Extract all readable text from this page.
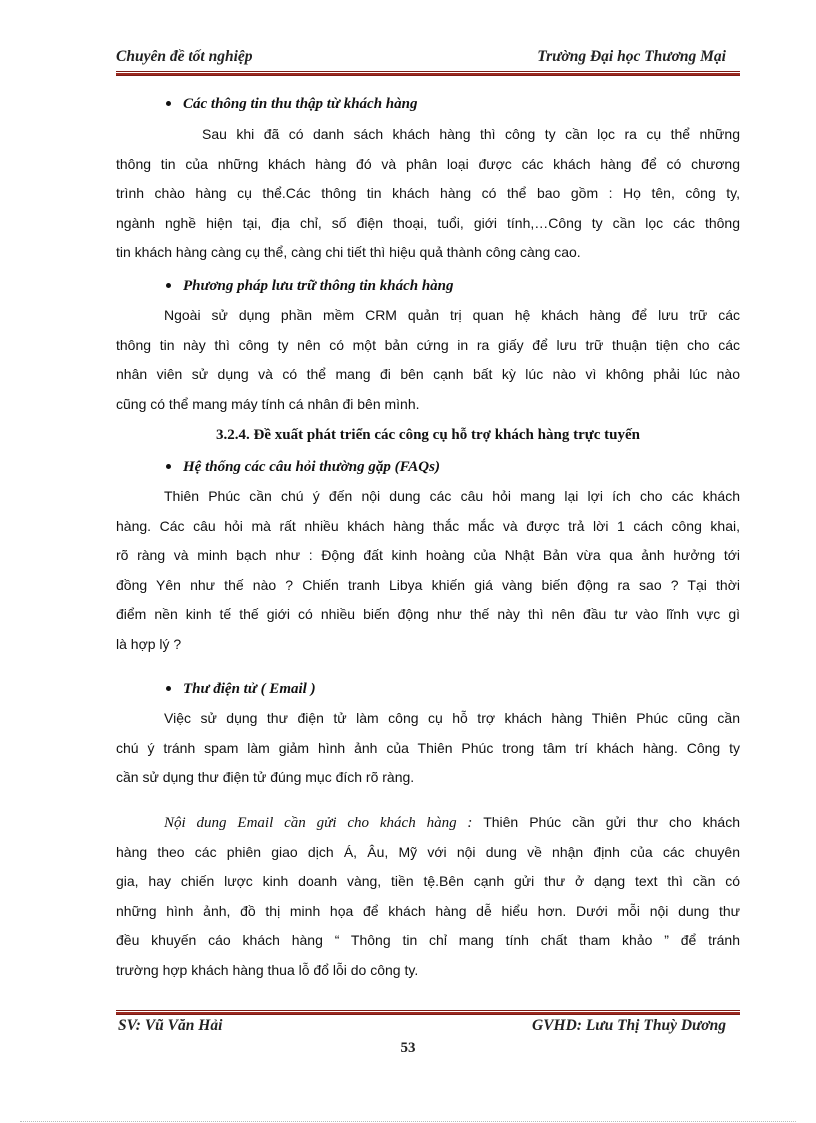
Chuyên đề tốt nghiệp	Trường Đại học Thương Mại
Các thông tin thu thập từ khách hàng
Sau khi đã có danh sách khách hàng thì công ty cần lọc ra cụ thể những
thông tin của những khách hàng đó và phân loại được các khách hàng để có chương
trình chào hàng cụ thể.Các thông tin khách hàng có thể bao gồm : Họ tên, công ty,
ngành nghề hiện tại, địa chỉ, số điện thoại, tuổi, giới tính,…Công ty cần lọc các thông
tin khách hàng càng cụ thể, càng chi tiết thì hiệu quả thành công càng cao.
Phương pháp lưu trữ thông tin khách hàng
Ngoài sử dụng phần mềm CRM quản trị quan hệ khách hàng để lưu trữ các
thông tin này thì công ty nên có một bản cứng in ra giấy để lưu trữ thuận tiện cho các
nhân viên sử dụng và có thể mang đi bên cạnh bất kỳ lúc nào vì không phải lúc nào
cũng có thể mang máy tính cá nhân đi bên mình.
3.2.4. Đề xuất phát triển các công cụ hỗ trợ khách hàng trực tuyến
Hệ thống các câu hỏi thường gặp (FAQs)
Thiên Phúc cần chú ý đến nội dung các câu hỏi mang lại lợi ích cho các khách
hàng. Các câu hỏi mà rất nhiều khách hàng thắc mắc và được trả lời 1 cách công khai,
rõ ràng và minh bạch như : Động đất kinh hoàng của Nhật Bản vừa qua ảnh hưởng tới
đồng Yên như thế nào ? Chiến tranh Libya khiến giá vàng biến động ra sao ? Tại thời
điểm nền kinh tế thế giới có nhiều biến động như thế này thì nên đầu tư vào lĩnh vực gì
là hợp lý ?
Thư điện tử ( Email )
Việc sử dụng thư điện tử làm công cụ hỗ trợ khách hàng Thiên Phúc cũng cần
chú ý tránh spam làm giảm hình ảnh của Thiên Phúc trong tâm trí khách hàng. Công ty
cần sử dụng thư điện tử đúng mục đích rõ ràng.
Nội dung Email cần gửi cho khách hàng : Thiên Phúc cần gửi thư cho khách
hàng theo các phiên giao dịch Á, Âu, Mỹ với nội dung về nhận định của các chuyên
gia, hay chiến lược kinh doanh vàng, tiền tệ.Bên cạnh gửi thư ở dạng text thì cần có
những hình ảnh, đồ thị minh họa để khách hàng dễ hiểu hơn. Dưới mỗi nội dung thư
đều khuyến cáo khách hàng “ Thông tin chỉ mang tính chất tham khảo ” để tránh
trường hợp khách hàng thua lỗ đổ lỗi do công ty.
SV: Vũ Văn Hải	GVHD: Lưu Thị Thuỳ Dương
53
